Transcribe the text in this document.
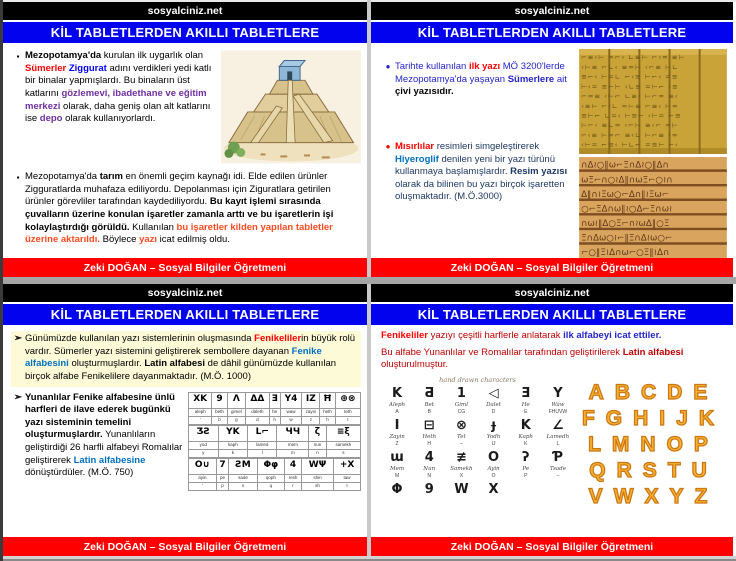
sosyalciniz.net
KİL TABLETLERDEN AKILLI TABLETLERE
▪ Mezopotamya'da kurulan ilk uygarlık olan Sümerler Ziggurat adını verdikleri yedi katlı bir binalar yapmışlardı. Bu binaların üst katlarını gözlemevi, ibadethane ve eğitim merkezi olarak, daha geniş olan alt katlarını ise depo olarak kullanıyorlardı.

▪ Mezopotamya'da tarım en önemli geçim kaynağı idi. Elde edilen ürünler Zigguratlarda muhafaza ediliyordu. Depolanması için Ziguratlara getirilen ürünler görevliler tarafından kaydediliyordu. Bu kayıt işlemi sırasında çuvalların üzerine konulan işaretler zamanla arttı ve bu işaretlerin işi kolaylaştırdığı görüldü. Kullanılan bu işaretler kilden yapılan tabletler üzerine aktarıldı. Böylece yazı icat edilmiş oldu.

Zeki DOĞAN – Sosyal Bilgiler Öğretmeni
sosyalciniz.net
KİL TABLETLERDEN AKILLI TABLETLERE
● Tarihte kullanılan ilk yazı MÖ 3200'lerde Mezopotamya'da yaşayan Sümerlere ait çivi yazısıdır.

● Mısırlılar resimleri simgeleştirerek Hiyeroglif denilen yeni bir yazı türünü kullanmaya başlamışlardır. Resim yazısı olarak da bilinen bu yazı birçok işaretten oluşmaktadır. (M.Ö.3000)

⌐≡‹⊢ =⌐‹ ∟≡⊢ ⌐‹= ≡⊢
‹⊢≡ ⌐∟‹ ≡=⊢ ‹⌐≡ ⊢∟
≡⌐‹ ⊢=∟ ⌐‹≡ ⊢⌐‹ =≡
⊢‹= ≡⌐⊢ ‹∟≡ =⊢⌐ ‹≡
⌐=≡ ‹⊢⌐ ∟≡‹ ⊢⌐= ≡‹
‹≡⊢ ⌐‹∟ =⊢≡ ⌐≡‹ ⊢=
≡⊢⌐ ∟=‹ ⊢≡⌐ ‹⊢= ⌐≡
⊢⌐‹ ≡∟= ‹⌐⊢ ≡‹⌐ =⊢
⌐‹≡ ⊢=⌐ ≡‹∟ ⊢⌐≡ ‹=
‹⊢= ⌐≡‹ ⊢∟⌐ =≡⊢ ⌐‹
∩Δ≀○∥ω⌐Ξ∩Δ≀○∥Δ∩
ωΞ⌐∩○≀Δ∥∩ωΞ⌐○≀∩
Δ∥∩≀Ξω○⌐Δ∩∥≀Ξω⌐
○⌐ΞΔ∩ω∥≀○Δ⌐Ξ∩ω≀
∩ω≀∥Δ○Ξ⌐∩≀ωΔ∥○Ξ
Ξ∩Δω○≀⌐∥Ξ∩Δ≀ω○⌐
⌐○∥Ξ≀Δ∩ω⌐○Ξ∥≀Δ∩
Zeki DOĞAN – Sosyal Bilgiler Öğretmeni
sosyalciniz.net
KİL TABLETLERDEN AKILLI TABLETLERE
➢ Günümüzde kullanılan yazı sistemlerinin oluşmasında Fenikelilerin büyük rolü vardır. Sümerler yazı sistemini geliştirerek sembollere dayanan Fenike alfabesini oluşturmuşlardır. Latin alfabesi de dâhil günümüzde kullanılan birçok alfabe Fenikelilere dayanmaktadır. (M.Ö. 1000)

➢ Yunanlılar Fenike alfabesine ünlü harfleri de ilave ederek bugünkü yazı sisteminin temelini oluşturmuşlardır. Yunanlıların geliştirdiği 26 harfli alfabeyi Romalılar geliştirerek Latin alfabesine dönüştürdüler. (M.Ö. 750)

ΧK	9	Λ	ΔΔ	Ǝ	Y4	IZ	Ħ	⊕⊗
aleph	beth	gimel	daleth	he	waw	zayin	heth	teth
'	b	g	d	h	w	z	h	t
ƷƧ	YK	L⌐	ЧЧ	ζ	≡ξ
yod	kaph	lamed	mem	nun	samekh
y	k	l	m	n	s
O∪	7	ƧM	Φφ	4	WΨ	+X
ayin	pe	sade	qoph	resh	shin	taw
'	p	s	q	r	sh	t
Zeki DOĞAN – Sosyal Bilgiler Öğretmeni
sosyalciniz.net
KİL TABLETLERDEN AKILLI TABLETLERE

Fenikeliler yazıyı çeşitli harflerle anlatarak ilk alfabeyi icat ettiler.

Bu alfabe Yunanlılar ve Romalılar tarafından geliştirilerek Latin alfabesi oluşturulmuştur.

hand drawn characters
K	Ƌ	1	◁	Ǝ	Y
Aleph	Bet	Giml	Dalet	He	Waw
A	B	CG	D	E	FHUVW
I	⊟	⊗	ɟ	K	∠
Zayin	Heth	Tet	Yodh	Kaph	Lamedh
Z	H	–	IJ	K	L
ɯ	4	≢	O	ʔ	Ƥ
Mem	Nun	Samekh	Ayin	Pe	Tsade
M	N	X	O	P	–
Φ	9	W	X
ABCDE
FGHIJK
LMNOP
QRSTU
VWXYZ
Zeki DOĞAN – Sosyal Bilgiler Öğretmeni
